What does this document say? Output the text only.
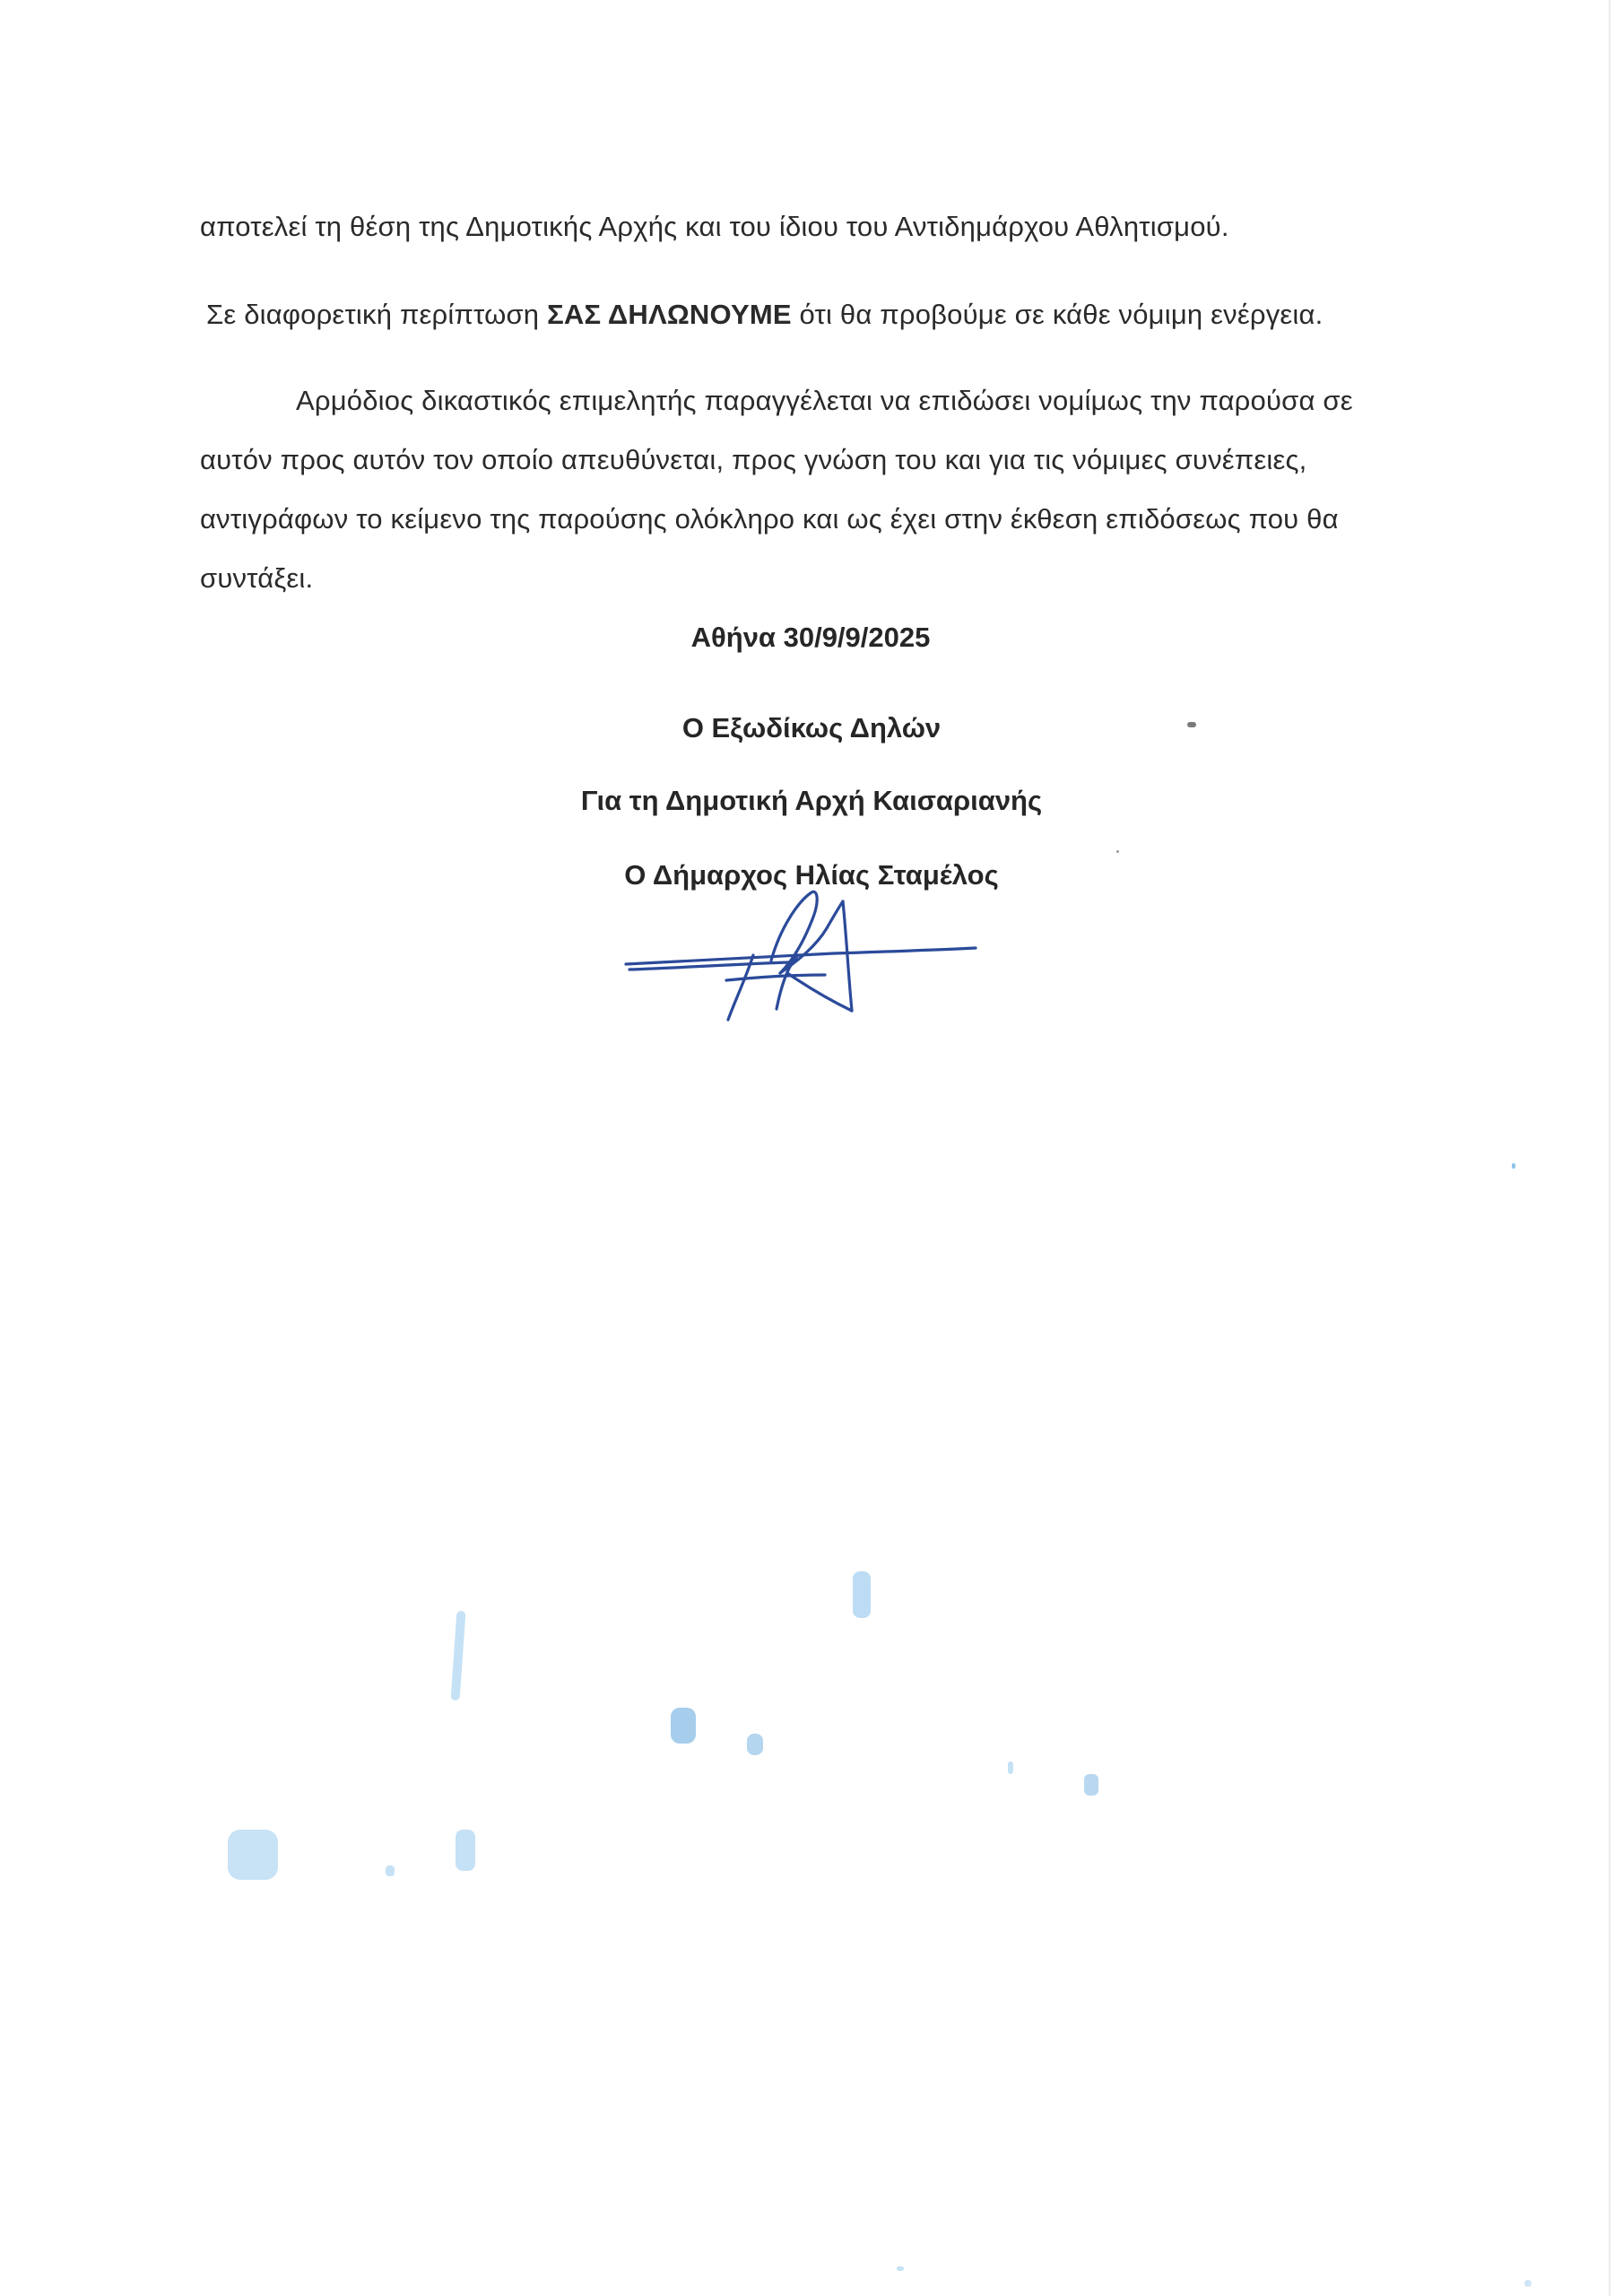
αποτελεί τη θέση της Δημοτικής Αρχής και του ίδιου του Αντιδημάρχου Αθλητισμού.
Σε διαφορετική περίπτωση ΣΑΣ ΔΗΛΩΝΟΥΜΕ ότι θα προβούμε σε κάθε νόμιμη ενέργεια.
Αρμόδιος δικαστικός επιμελητής παραγγέλεται να επιδώσει νομίμως την παρούσα σε
αυτόν προς αυτόν τον οποίο απευθύνεται, προς γνώση του και για τις νόμιμες συνέπειες,
αντιγράφων το κείμενο της παρούσης ολόκληρο και ως έχει στην έκθεση επιδόσεως που θα
συντάξει.
Αθήνα 30/9/9/2025
Ο Εξωδίκως Δηλών
Για τη Δημοτική Αρχή Καισαριανής
Ο Δήμαρχος Ηλίας Σταμέλος
